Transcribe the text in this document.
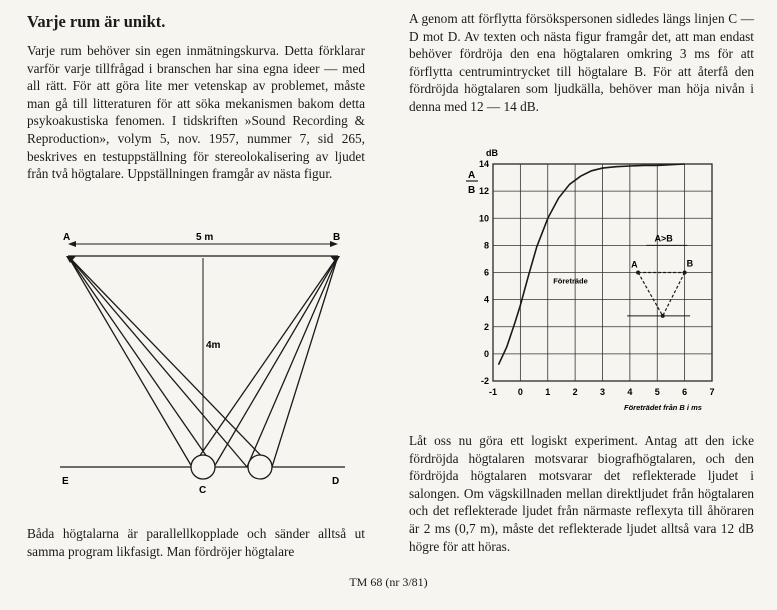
Varje rum är unikt.

Varje rum behöver sin egen inmätningskurva. Detta förklarar varför varje tillfrågad i branschen har sina egna ideer — med all rätt. För att göra lite mer vetenskap av problemet, måste man gå till litteraturen för att söka mekanismen bakom detta psykoakustiska fenomen. I tidskriften »Sound Recording & Reproduction», volym 5, nov. 1957, nummer 7, sid 265, beskrives en testuppställning för stereolokalisering av ljudet från två högtalare. Uppställningen framgår av nästa figur.

A	B
5 m
4m
E
C
D

Båda högtalarna är parallellkopplade och sänder alltså ut samma program likfasigt. Man fördröjer högtalare

A genom att förflytta försökspersonen sidledes längs linjen C — D mot D. Av texten och nästa figur framgår det, att man endast behöver fördröja den ena högtalaren omkring 3 ms för att förflytta centrumintrycket till högtalare B. För att återfå den fördröjda högtalaren som ljudkälla, behöver man höja nivån i denna med 12 — 14 dB.

-1 0 1 2 3 4 5 6 7
-2
0
2
4
6
8
10
12
14
A	B
A>B
Företräde
dB
A
B
Företrädet från B i ms

Låt oss nu göra ett logiskt experiment. Antag att den icke fördröjda högtalaren motsvarar biografhögtalaren, och den fördröjda högtalaren motsvarar det reflekterade ljudet i salongen. Om vägskillnaden mellan direktljudet från högtalaren och det reflekterade ljudet från närmaste reflexyta till åhöraren är 2 ms (0,7 m), måste det reflekterade ljudet alltså vara 12 dB högre för att höras.

TM 68 (nr 3/81)
